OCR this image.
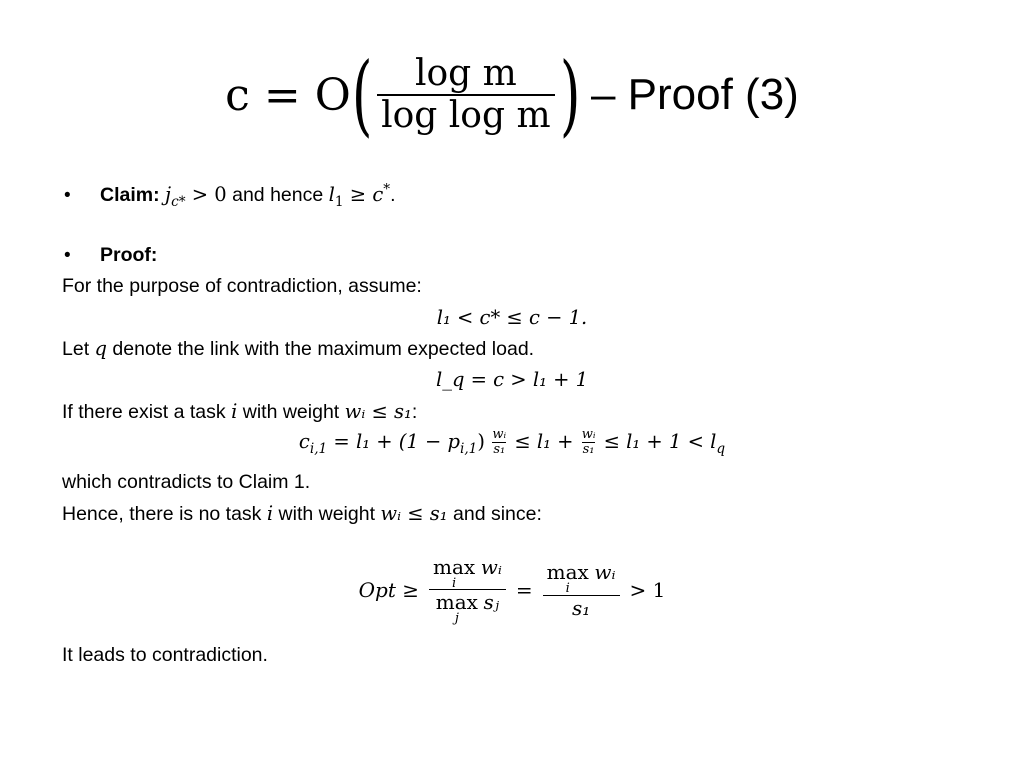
c = O ( $\frac{\text{log m}}{\text{log log m}}$ ) – Proof (3)
• Claim: $j_{c*} > 0$ and hence $l_1 \ge c^*$.
• Proof:
For the purpose of contradiction, assume:
l₁ < c* ≤ c − 1.
Let q denote the link with the maximum expected load.
l_q = c > l₁ + 1
If there exist a task i with weight wᵢ ≤ s₁:
$c_{i,1} = l_1 + (1 - p_{i,1}) \frac{\text{wᵢ}}{\text{s₁}} \le l_1 + \frac{\text{wᵢ}}{\text{s₁}} \le l_1 + 1 < l_q$
which contradicts to Claim 1.
Hence, there is no task i with weight wᵢ ≤ s₁ and since:
Opt ≥ max
i
wᵢ
max
j
sⱼ = max
i
wᵢ
s₁ > 1
It leads to contradiction.
